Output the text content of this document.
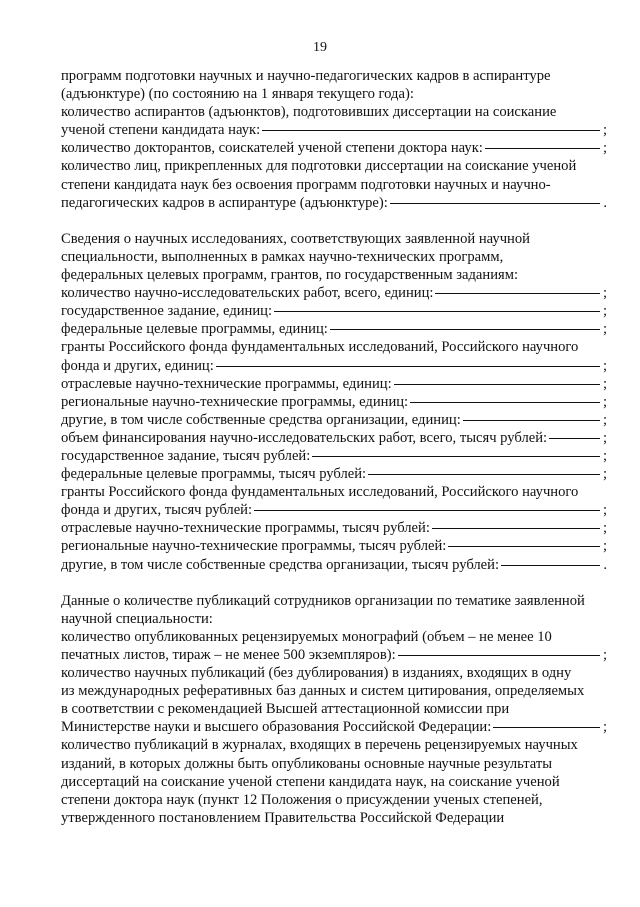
19
программ подготовки научных и научно-педагогических кадров в аспирантуре
(адъюнктуре) (по состоянию на 1 января текущего года):
количество аспирантов (адъюнктов), подготовивших диссертации на соискание
ученой степени кандидата наук:	;
количество докторантов, соискателей ученой степени доктора наук:	;
количество лиц, прикрепленных для подготовки диссертации на соискание ученой
степени кандидата наук без освоения программ подготовки научных и научно-
педагогических кадров в аспирантуре (адъюнктуре):	.
Сведения о научных исследованиях, соответствующих заявленной научной
специальности, выполненных в рамках научно-технических программ,
федеральных целевых программ, грантов, по государственным заданиям:
количество научно-исследовательских работ, всего, единиц:	;
государственное задание, единиц:	;
федеральные целевые программы, единиц:	;
гранты Российского фонда фундаментальных исследований, Российского научного
фонда и других, единиц:	;
отраслевые научно-технические программы, единиц:	;
региональные научно-технические программы, единиц:	;
другие, в том числе собственные средства организации, единиц:	;
объем финансирования научно-исследовательских работ, всего, тысяч рублей:	;
государственное задание, тысяч рублей:	;
федеральные целевые программы, тысяч рублей:	;
гранты Российского фонда фундаментальных исследований, Российского научного
фонда и других, тысяч рублей:	;
отраслевые научно-технические программы, тысяч рублей:	;
региональные научно-технические программы, тысяч рублей:	;
другие, в том числе собственные средства организации, тысяч рублей:	.
Данные о количестве публикаций сотрудников организации по тематике заявленной
научной специальности:
количество опубликованных рецензируемых монографий (объем – не менее 10
печатных листов, тираж – не менее 500 экземпляров):	;
количество научных публикаций (без дублирования) в изданиях, входящих в одну
из международных реферативных баз данных и систем цитирования, определяемых
в соответствии с рекомендацией Высшей аттестационной комиссии при
Министерстве науки и высшего образования Российской Федерации:	;
количество публикаций в журналах, входящих в перечень рецензируемых научных
изданий, в которых должны быть опубликованы основные научные результаты
диссертаций на соискание ученой степени кандидата наук, на соискание ученой
степени доктора наук (пункт 12 Положения о присуждении ученых степеней,
утвержденного постановлением Правительства Российской Федерации
